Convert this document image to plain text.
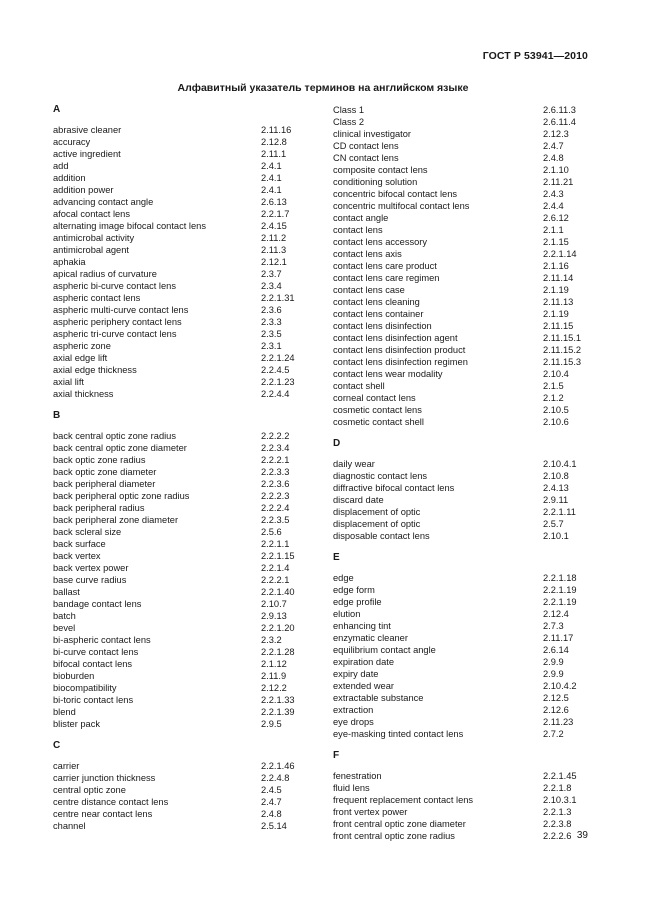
ГОСТ Р 53941—2010
Алфавитный указатель терминов на английском языке
A
abrasive cleaner	2.11.16
accuracy	2.12.8
active ingredient	2.11.1
add	2.4.1
addition	2.4.1
addition power	2.4.1
advancing contact angle	2.6.13
afocal contact lens	2.2.1.7
alternating image bifocal contact lens	2.4.15
antimicrobal activity	2.11.2
antimicrobal agent	2.11.3
aphakia	2.12.1
apical radius of curvature	2.3.7
aspheric bi-curve contact lens	2.3.4
aspheric contact lens	2.2.1.31
aspheric multi-curve contact lens	2.3.6
aspheric periphery contact lens	2.3.3
aspheric tri-curve contact lens	2.3.5
aspheric zone	2.3.1
axial edge lift	2.2.1.24
axial edge thickness	2.2.4.5
axial lift	2.2.1.23
axial thickness	2.2.4.4
B
back central optic zone radius	2.2.2.2
back central optic zone diameter	2.2.3.4
back optic zone radius	2.2.2.1
back optic zone diameter	2.2.3.3
back peripheral diameter	2.2.3.6
back peripheral optic zone radius	2.2.2.3
back peripheral radius	2.2.2.4
back peripheral zone diameter	2.2.3.5
back scleral size	2.5.6
back surface	2.2.1.1
back vertex	2.2.1.15
back vertex power	2.2.1.4
base curve radius	2.2.2.1
ballast	2.2.1.40
bandage contact lens	2.10.7
batch	2.9.13
bevel	2.2.1.20
bi-aspheric contact lens	2.3.2
bi-curve contact lens	2.2.1.28
bifocal contact lens	2.1.12
bioburden	2.11.9
biocompatibility	2.12.2
bi-toric contact lens	2.2.1.33
blend	2.2.1.39
blister pack	2.9.5
C
carrier	2.2.1.46
carrier junction thickness	2.2.4.8
central optic zone	2.4.5
centre distance contact lens	2.4.7
centre near contact lens	2.4.8
channel	2.5.14
Class 1	2.6.11.3
Class 2	2.6.11.4
clinical investigator	2.12.3
CD contact lens	2.4.7
CN contact lens	2.4.8
composite contact lens	2.1.10
conditioning solution	2.11.21
concentric bifocal contact lens	2.4.3
concentric multifocal contact lens	2.4.4
contact angle	2.6.12
contact lens	2.1.1
contact lens accessory	2.1.15
contact lens axis	2.2.1.14
contact lens care product	2.1.16
contact lens care regimen	2.11.14
contact lens case	2.1.19
contact lens cleaning	2.11.13
contact lens container	2.1.19
contact lens disinfection	2.11.15
contact lens disinfection agent	2.11.15.1
contact lens disinfection product	2.11.15.2
contact lens disinfection regimen	2.11.15.3
contact lens wear modality	2.10.4
contact shell	2.1.5
corneal contact lens	2.1.2
cosmetic contact lens	2.10.5
cosmetic contact shell	2.10.6
D
daily wear	2.10.4.1
diagnostic contact lens	2.10.8
diffractive bifocal contact lens	2.4.13
discard date	2.9.11
displacement of optic	2.2.1.11
displacement of optic	2.5.7
disposable contact lens	2.10.1
E
edge	2.2.1.18
edge form	2.2.1.19
edge profile	2.2.1.19
elution	2.12.4
enhancing tint	2.7.3
enzymatic cleaner	2.11.17
equilibrium contact angle	2.6.14
expiration date	2.9.9
expiry date	2.9.9
extended wear	2.10.4.2
extractable substance	2.12.5
extraction	2.12.6
eye drops	2.11.23
eye-masking tinted contact lens	2.7.2
F
fenestration	2.2.1.45
fluid lens	2.2.1.8
frequent replacement contact lens	2.10.3.1
front vertex power	2.2.1.3
front central optic zone diameter	2.2.3.8
front central optic zone radius	2.2.2.6 39
